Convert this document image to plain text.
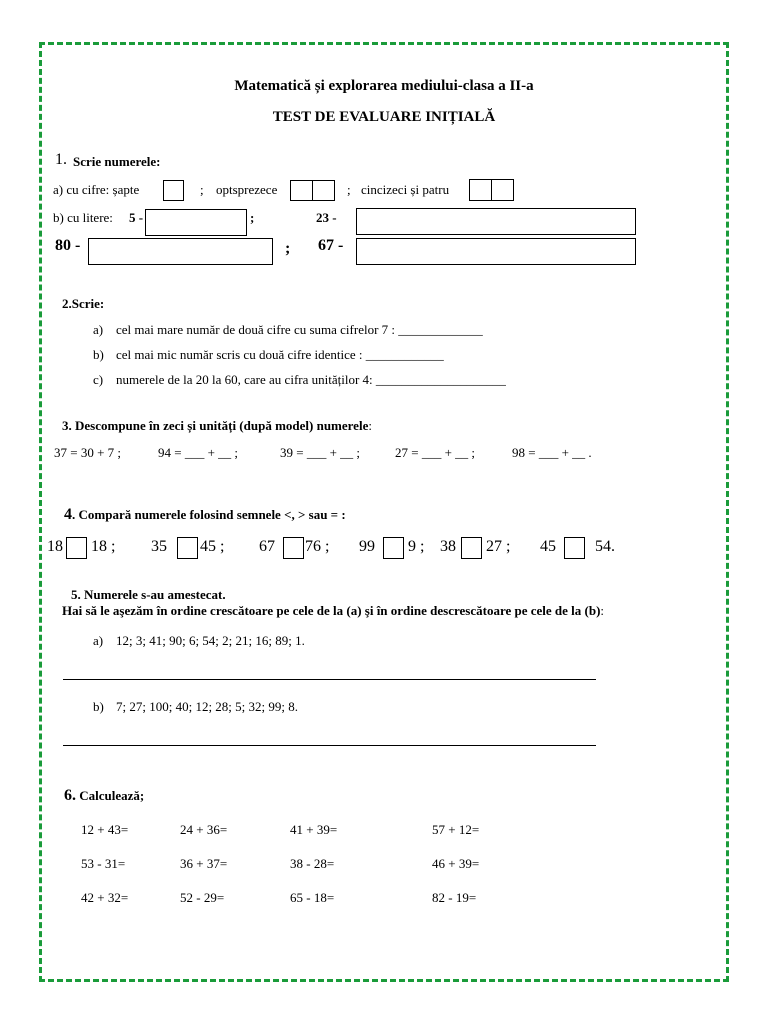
Matematică și explorarea mediului-clasa a II-a
TEST DE EVALUARE INIȚIALĂ
1. Scrie numerele:
a) cu cifre: șapte	; optsprezece	; cincizeci și patru
b) cu litere: 5 -	;	23 -
80 -	; 67 -
2.Scrie:
a) cel mai mare număr de două cifre cu suma cifrelor 7 : _____________
b) cel mai mic număr scris cu două cifre identice : ____________
c) numerele de la 20 la 60, care au cifra unităților 4: ____________________
3. Descompune în zeci și unități (după model) numerele:
37 = 30 + 7 ;	94 = ___ + __ ;	39 = ___ + __ ;	27 = ___ + __ ;	98 = ___ + __ .
4. Compară numerele folosind semnele <, > sau = :
18 18 ; 35 45 ; 67 76 ; 99 9 ; 38 27 ; 45 54.
5. Numerele s-au amestecat.
Hai să le aşezăm în ordine crescătoare pe cele de la (a) şi în ordine descrescătoare pe cele de la (b):
a) 12; 3; 41; 90; 6; 54; 2; 21; 16; 89; 1.
b) 7; 27; 100; 40; 12; 28; 5; 32; 99; 8.
6. Calculează;
12 + 43=	24 + 36=	41 + 39=	57 + 12=
53 - 31=	36 + 37=	38 - 28=	46 + 39=
42 + 32=	52 - 29=	65 - 18=	82 - 19=
